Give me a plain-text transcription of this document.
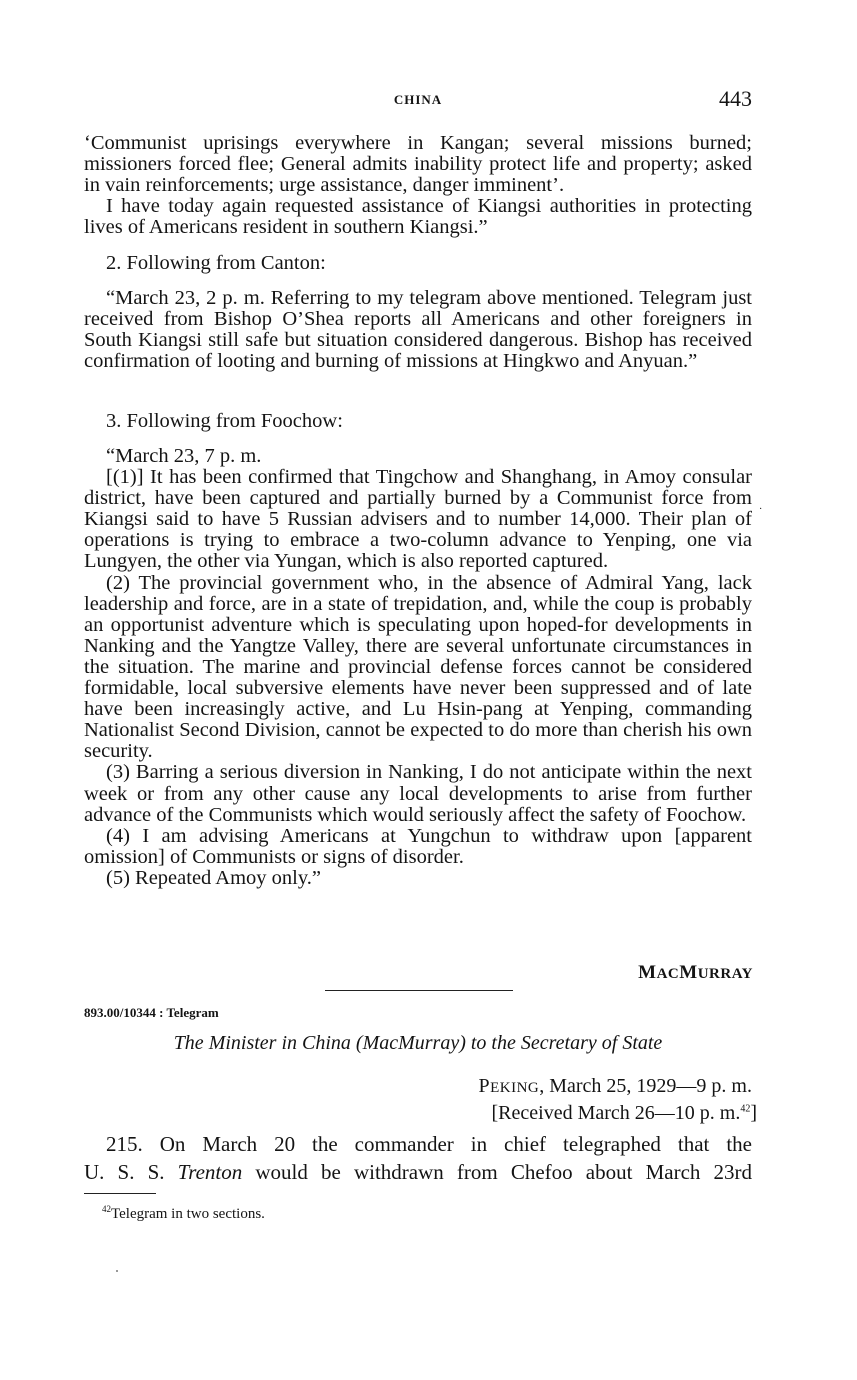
CHINA	443

‘Communist uprisings everywhere in Kangan; several missions burned; missioners forced flee; General admits inability protect life and property; asked in vain reinforcements; urge assistance, danger imminent’.

I have today again requested assistance of Kiangsi authorities in protecting lives of Americans resident in southern Kiangsi.”

2. Following from Canton:

“March 23, 2 p. m. Referring to my telegram above mentioned. Telegram just received from Bishop O’Shea reports all Americans and other foreigners in South Kiangsi still safe but situation considered dangerous. Bishop has received confirmation of looting and burning of missions at Hingkwo and Anyuan.”

3. Following from Foochow:

“March 23, 7 p. m.

[(1)] It has been confirmed that Tingchow and Shanghang, in Amoy consular district, have been captured and partially burned by a Communist force from Kiangsi said to have 5 Russian advisers and to number 14,000. Their plan of operations is trying to embrace a two-column advance to Yenping, one via Lungyen, the other via Yungan, which is also reported captured.

(2) The provincial government who, in the absence of Admiral Yang, lack leadership and force, are in a state of trepidation, and, while the coup is probably an opportunist adventure which is speculating upon hoped-for developments in Nanking and the Yangtze Valley, there are several unfortunate circumstances in the situation. The marine and provincial defense forces cannot be considered formidable, local subversive elements have never been suppressed and of late have been increasingly active, and Lu Hsin-pang at Yenping, commanding Nationalist Second Division, cannot be expected to do more than cherish his own security.

(3) Barring a serious diversion in Nanking, I do not anticipate within the next week or from any other cause any local developments to arise from further advance of the Communists which would seriously affect the safety of Foochow.

(4) I am advising Americans at Yungchun to withdraw upon [apparent omission] of Communists or signs of disorder.

(5) Repeated Amoy only.”

·
MACMURRAY
893.00/10344 : Telegram
The Minister in China (MacMurray) to the Secretary of State
PEKING, March 25, 1929—9 p. m.
[Received March 26—10 p. m.$^{42}$]

215. On March 20 the commander in chief telegraphed that the

U. S. S. Trenton would be withdrawn from Chefoo about March 23rd

$^{42}$Telegram in two sections.
